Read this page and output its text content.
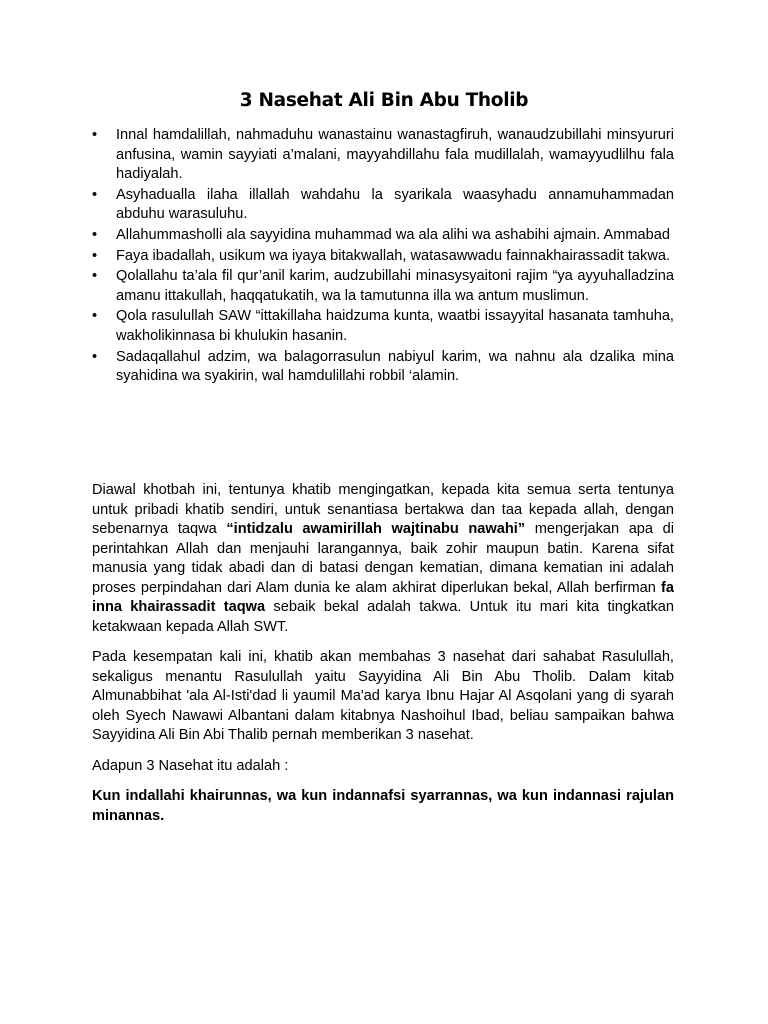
3 Nasehat Ali Bin Abu Tholib
• Innal hamdalillah, nahmaduhu wanastainu wanastagfiruh, wanaudzubillahi minsyururi anfusina, wamin sayyiati a’malani, mayyahdillahu fala mudillalah, wamayyudlilhu fala hadiyalah.
• Asyhadualla ilaha illallah wahdahu la syarikala waasyhadu annamuhammadan abduhu warasuluhu.
• Allahummasholli ala sayyidina muhammad wa ala alihi wa ashabihi ajmain. Ammabad
• Faya ibadallah, usikum wa iyaya bitakwallah, watasawwadu fainnakhairassadit takwa.
• Qolallahu ta’ala fil qur’anil karim, audzubillahi minasysyaitoni rajim “ya ayyuhalladzina amanu ittakullah, haqqatukatih, wa la tamutunna illa wa antum muslimun.
• Qola rasulullah SAW “ittakillaha haidzuma kunta, waatbi issayyital hasanata tamhuha, wakholikinnasa bi khulukin hasanin.
• Sadaqallahul adzim, wa balagorrasulun nabiyul karim, wa nahnu ala dzalika mina syahidina wa syakirin, wal hamdulillahi robbil ‘alamin.

Diawal khotbah ini, tentunya khatib mengingatkan, kepada kita semua serta tentunya untuk pribadi khatib sendiri, untuk senantiasa bertakwa dan taa kepada allah, dengan sebenarnya taqwa “intidzalu awamirillah wajtinabu nawahi” mengerjakan apa di perintahkan Allah dan menjauhi larangannya, baik zohir maupun batin. Karena sifat manusia yang tidak abadi dan di batasi dengan kematian, dimana kematian ini adalah proses perpindahan dari Alam dunia ke alam akhirat diperlukan bekal, Allah berfirman fa inna khairassadit taqwa sebaik bekal adalah takwa. Untuk itu mari kita tingkatkan ketakwaan kepada Allah SWT.

Pada kesempatan kali ini, khatib akan membahas 3 nasehat dari sahabat Rasulullah, sekaligus menantu Rasulullah yaitu Sayyidina Ali Bin Abu Tholib. Dalam kitab Almunabbihat 'ala Al-Isti'dad li yaumil Ma'ad karya Ibnu Hajar Al Asqolani yang di syarah oleh Syech Nawawi Albantani dalam kitabnya Nashoihul Ibad, beliau sampaikan bahwa Sayyidina Ali Bin Abi Thalib pernah memberikan 3 nasehat.

Adapun 3 Nasehat itu adalah :

Kun indallahi khairunnas, wa kun indannafsi syarrannas, wa kun indannasi rajulan minannas.
